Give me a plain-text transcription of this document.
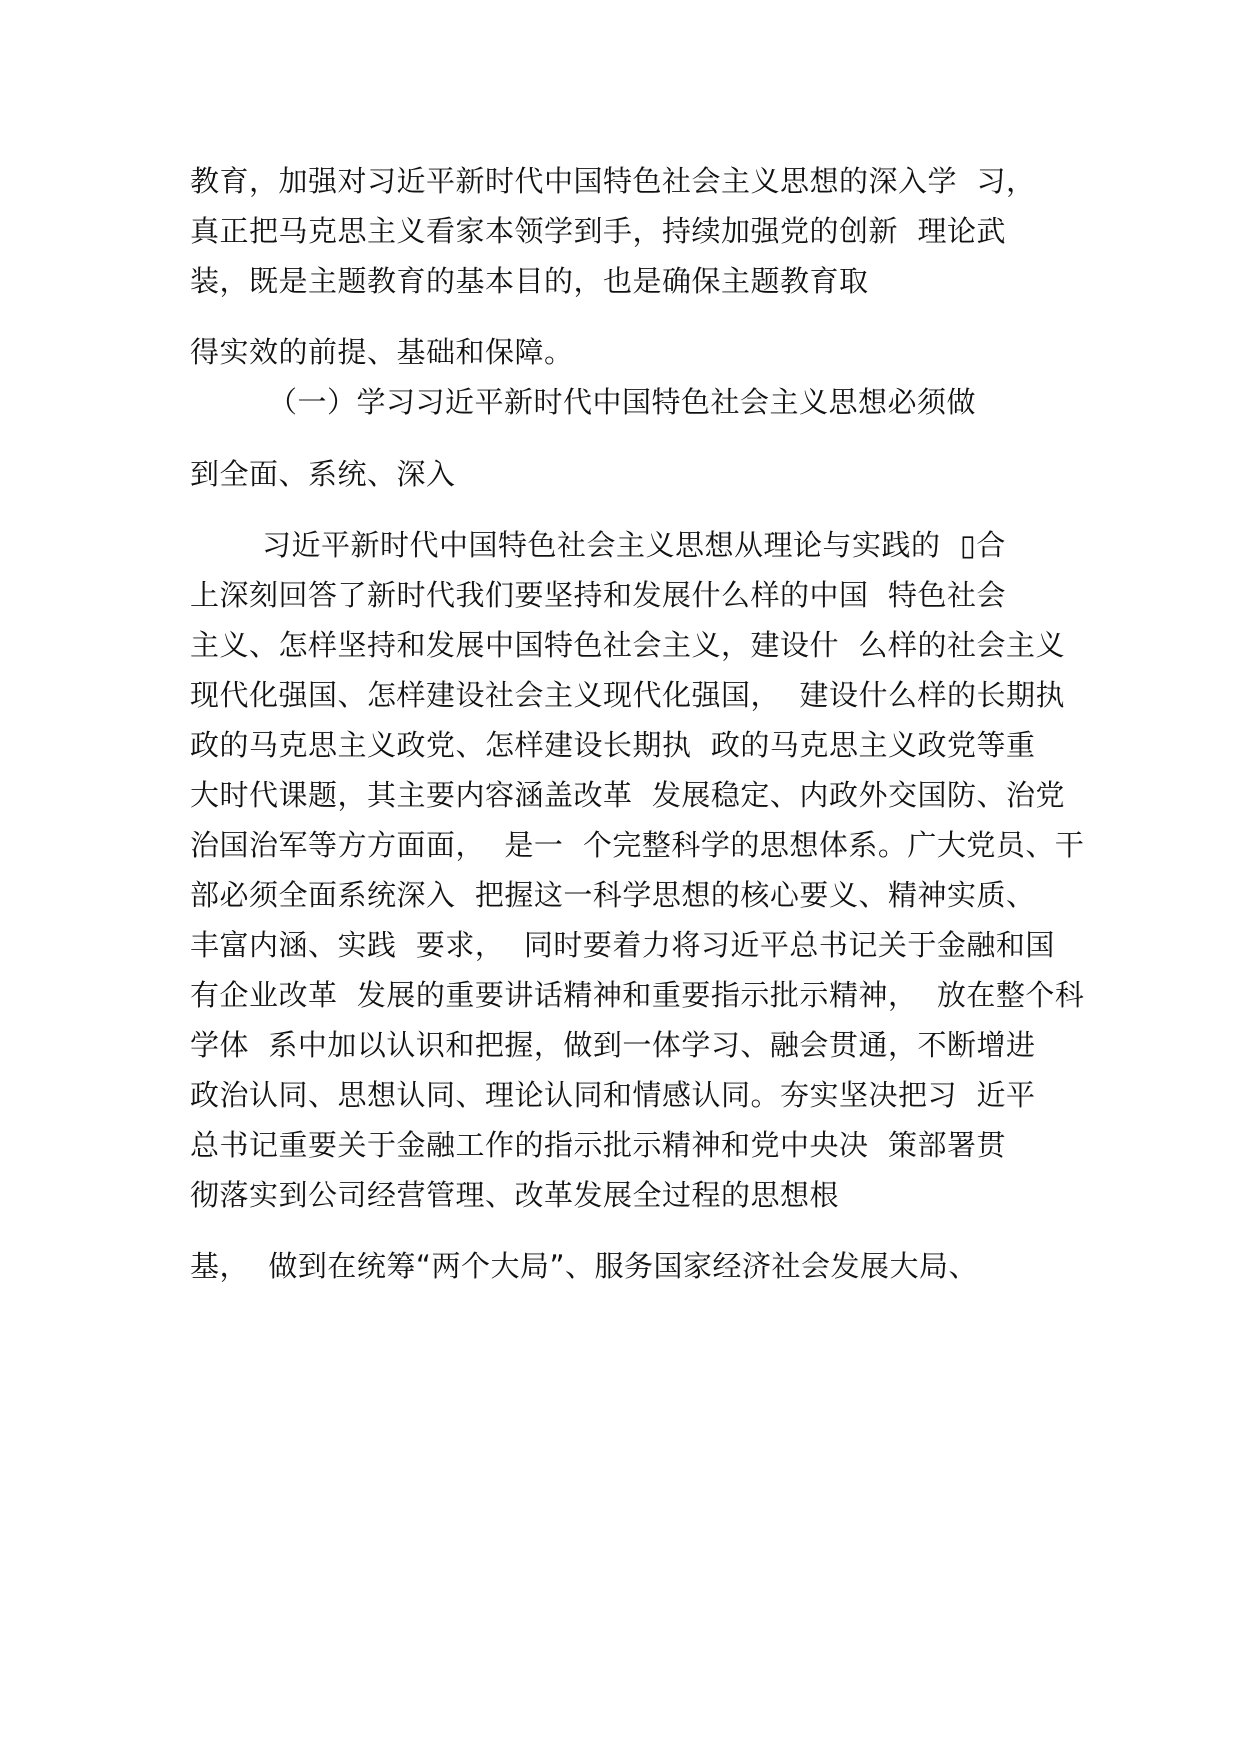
教育，加强对习近平新时代中国特色社会主义思想的深入学  习，
真正把马克思主义看家本领学到手，持续加强党的创新  理论武
装，既是主题教育的基本目的，也是确保主题教育取
得实效的前提、基础和保障。
（一）学习习近平新时代中国特色社会主义思想必须做
到全面、系统、深入
习近平新时代中国特色社会主义思想从理论与实践的  ▯合
上深刻回答了新时代我们要坚持和发展什么样的中国  特色社会
主义、怎样坚持和发展中国特色社会主义，建设什  么样的社会主义
现代化强国、怎样建设社会主义现代化强国，  建设什么样的长期执
政的马克思主义政党、怎样建设长期执  政的马克思主义政党等重
大时代课题，其主要内容涵盖改革  发展稳定、内政外交国防、治党
治国治军等方方面面，  是一  个完整科学的思想体系。广大党员、干
部必须全面系统深入  把握这一科学思想的核心要义、精神实质、
丰富内涵、实践  要求，  同时要着力将习近平总书记关于金融和国
有企业改革  发展的重要讲话精神和重要指示批示精神，  放在整个科
学体  系中加以认识和把握，做到一体学习、融会贯通，不断增进
政治认同、思想认同、理论认同和情感认同。夯实坚决把习  近平
总书记重要关于金融工作的指示批示精神和党中央决  策部署贯
彻落实到公司经营管理、改革发展全过程的思想根
基，  做到在统筹“两个大局”、服务国家经济社会发展大局、
